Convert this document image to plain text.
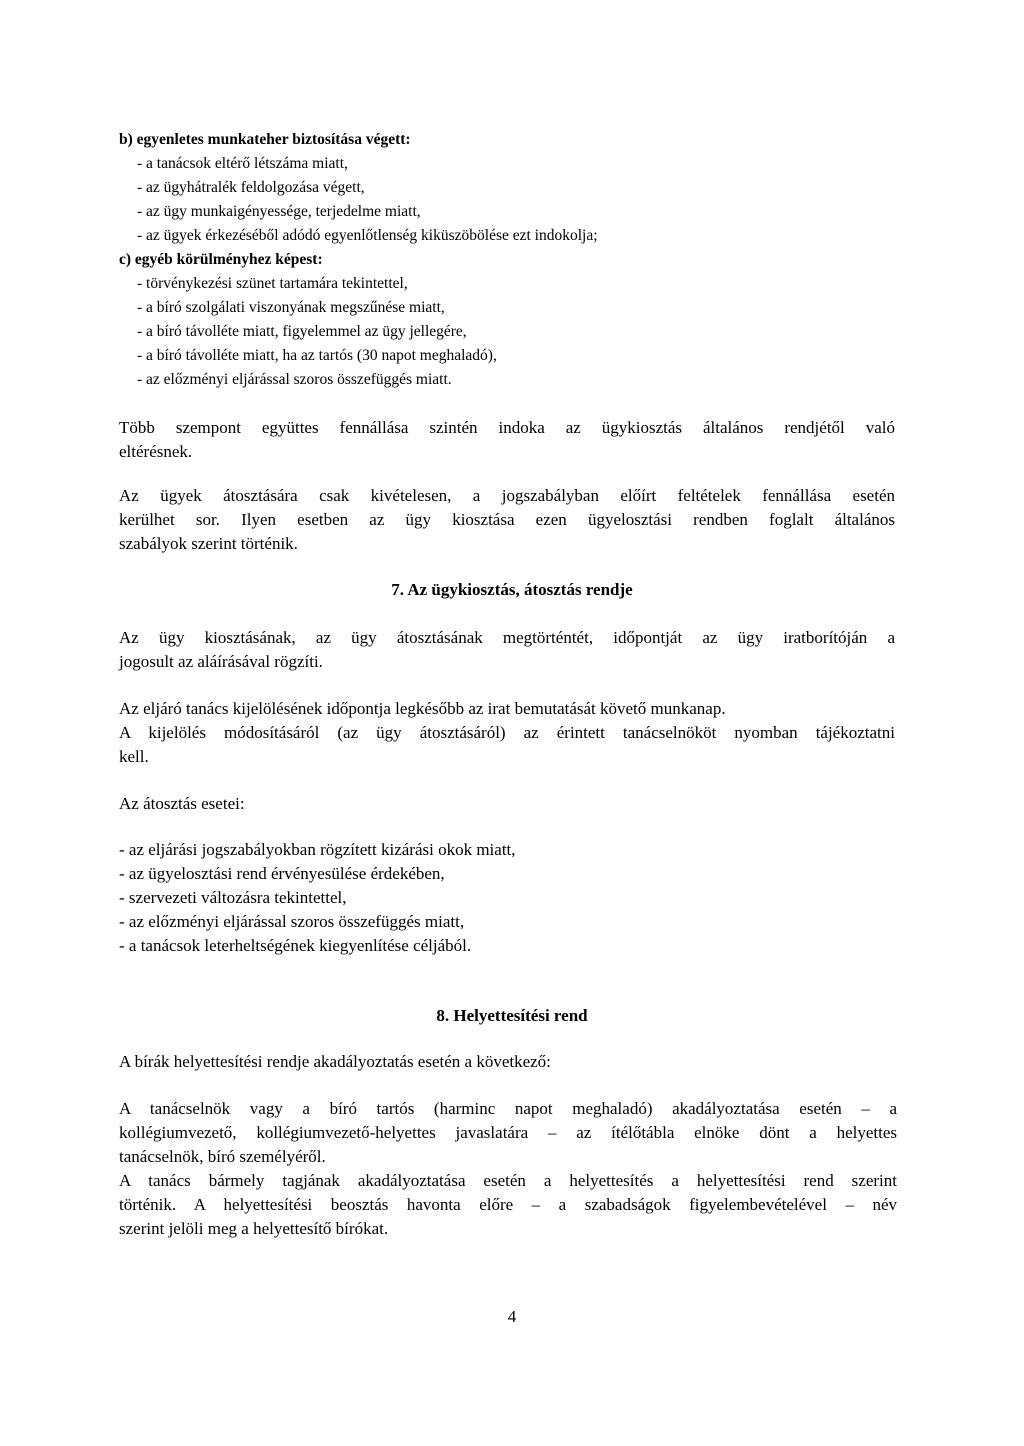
b) egyenletes munkateher biztosítása végett:
- a tanácsok eltérő létszáma miatt,
- az ügyhátralék feldolgozása végett,
- az ügy munkaigényessége, terjedelme miatt,
- az ügyek érkezéséből adódó egyenlőtlenség kiküszöbölése ezt indokolja;
c) egyéb körülményhez képest:
- törvénykezési szünet tartamára tekintettel,
- a bíró szolgálati viszonyának megszűnése miatt,
- a bíró távolléte miatt, figyelemmel az ügy jellegére,
- a bíró távolléte miatt, ha az tartós (30 napot meghaladó),
- az előzményi eljárással szoros összefüggés miatt.
Több szempont együttes fennállása szintén indoka az ügykiosztás általános rendjétől való
eltérésnek.
Az ügyek átosztására csak kivételesen, a jogszabályban előírt feltételek fennállása esetén
kerülhet sor. Ilyen esetben az ügy kiosztása ezen ügyelosztási rendben foglalt általános
szabályok szerint történik.
7. Az ügykiosztás, átosztás rendje
Az ügy kiosztásának, az ügy átosztásának megtörténtét, időpontját az ügy iratborítóján a
jogosult az aláírásával rögzíti.
Az eljáró tanács kijelölésének időpontja legkésőbb az irat bemutatását követő munkanap.
A kijelölés módosításáról (az ügy átosztásáról) az érintett tanácselnököt nyomban tájékoztatni
kell.
Az átosztás esetei:
- az eljárási jogszabályokban rögzített kizárási okok miatt,
- az ügyelosztási rend érvényesülése érdekében,
- szervezeti változásra tekintettel,
- az előzményi eljárással szoros összefüggés miatt,
- a tanácsok leterheltségének kiegyenlítése céljából.
8. Helyettesítési rend
A bírák helyettesítési rendje akadályoztatás esetén a következő:
A tanácselnök vagy a bíró tartós (harminc napot meghaladó) akadályoztatása esetén – a
kollégiumvezető, kollégiumvezető-helyettes javaslatára – az ítélőtábla elnöke dönt a helyettes
tanácselnök, bíró személyéről.
A tanács bármely tagjának akadályoztatása esetén a helyettesítés a helyettesítési rend szerint
történik. A helyettesítési beosztás havonta előre – a szabadságok figyelembevételével – név
szerint jelöli meg a helyettesítő bírókat.
4
